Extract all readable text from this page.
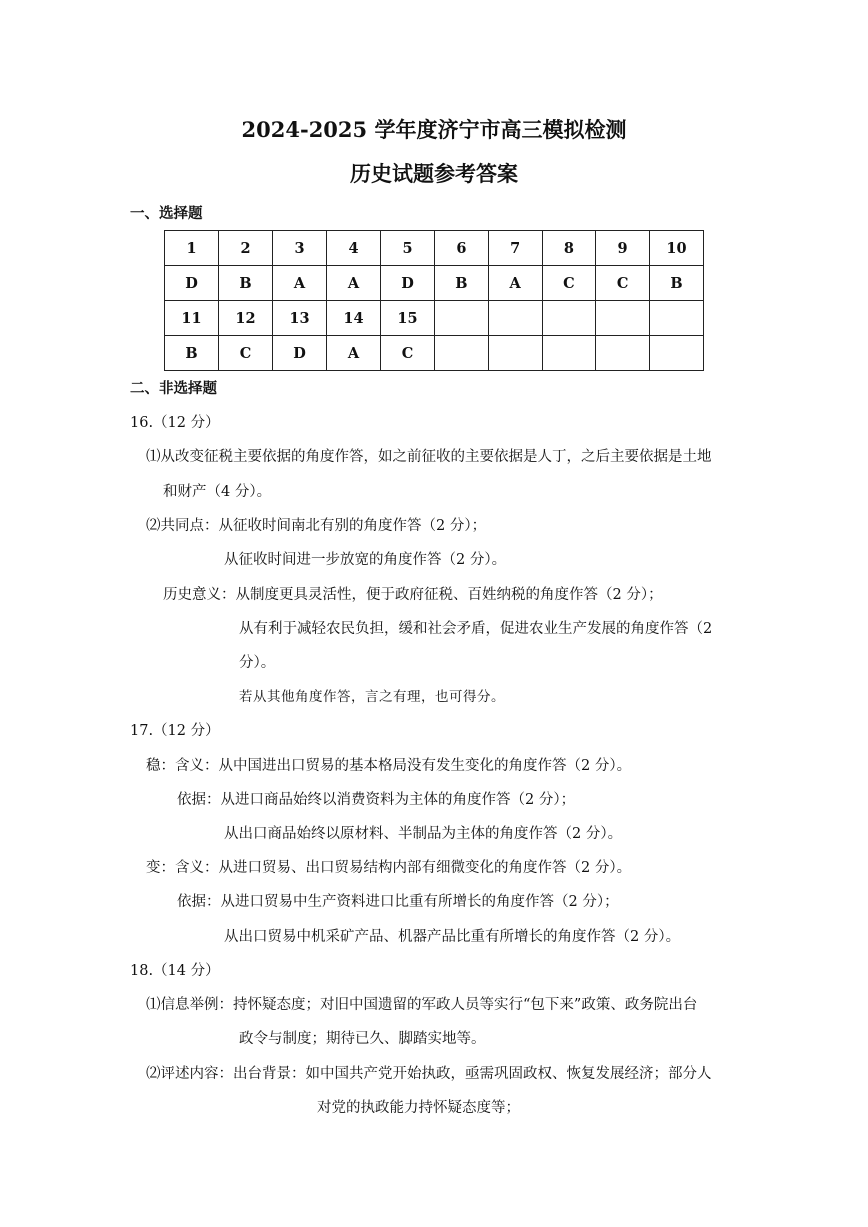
2024-2025 学年度济宁市高三模拟检测
历史试题参考答案
一、选择题
1	2	3	4	5	6	7	8	9	10
D	B	A	A	D	B	A	C	C	B
11	12	13	14	15					
B	C	D	A	C					
二、非选择题
16.（12 分）
⑴从改变征税主要依据的角度作答，如之前征收的主要依据是人丁，之后主要依据是土地
和财产（4 分）。
⑵共同点：从征收时间南北有别的角度作答（2 分）；
从征收时间进一步放宽的角度作答（2 分）。
历史意义：从制度更具灵活性，便于政府征税、百姓纳税的角度作答（2 分）；
从有利于减轻农民负担，缓和社会矛盾，促进农业生产发展的角度作答（2
分）。
若从其他角度作答，言之有理，也可得分。
17.（12 分）
稳：含义：从中国进出口贸易的基本格局没有发生变化的角度作答（2 分）。
依据：从进口商品始终以消费资料为主体的角度作答（2 分）；
从出口商品始终以原材料、半制品为主体的角度作答（2 分）。
变：含义：从进口贸易、出口贸易结构内部有细微变化的角度作答（2 分）。
依据：从进口贸易中生产资料进口比重有所增长的角度作答（2 分）；
从出口贸易中机采矿产品、机器产品比重有所增长的角度作答（2 分）。
18.（14 分）
⑴信息举例：持怀疑态度；对旧中国遗留的军政人员等实行“包下来”政策、政务院出台
政令与制度；期待已久、脚踏实地等。
⑵评述内容：出台背景：如中国共产党开始执政，亟需巩固政权、恢复发展经济；部分人
对党的执政能力持怀疑态度等；
